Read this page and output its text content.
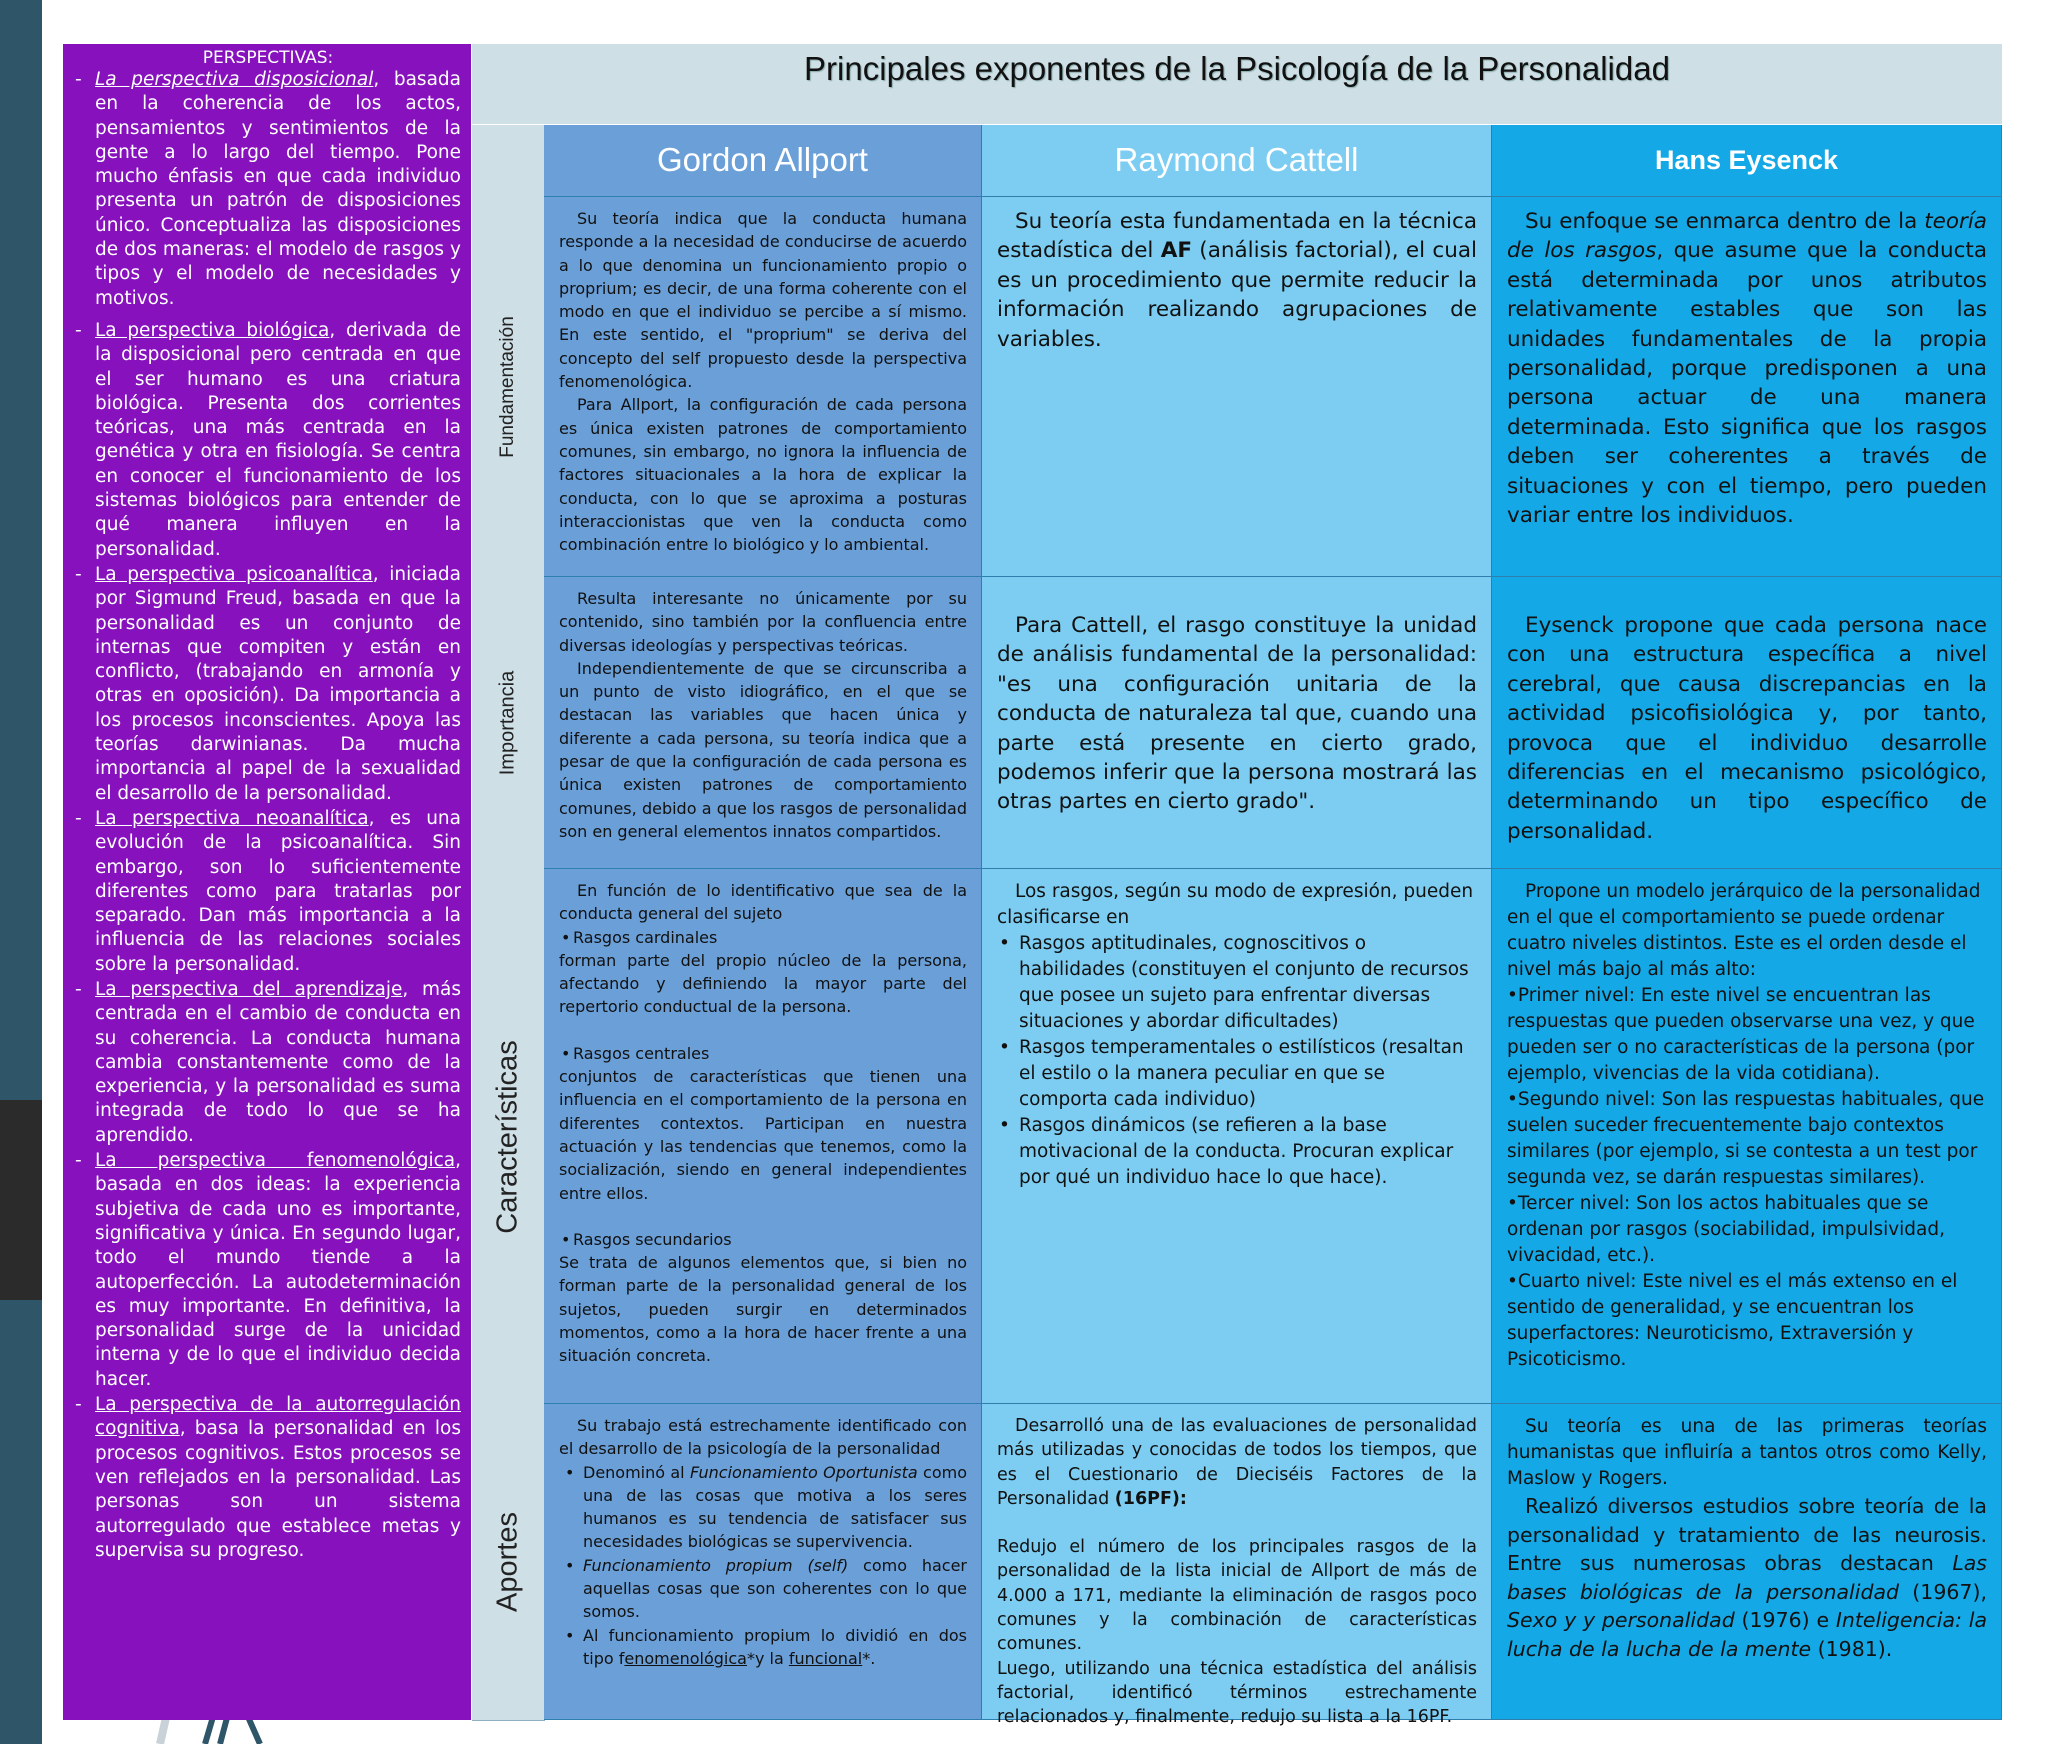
PERSPECTIVAS:
- La perspectiva disposicional, basada en la coherencia de los actos, pensamientos y sentimientos de la gente a lo largo del tiempo. Pone mucho énfasis en que cada individuo presenta un patrón de disposiciones único. Conceptualiza las disposiciones de dos maneras: el modelo de rasgos y tipos y el modelo de necesidades y motivos.
- La perspectiva biológica, derivada de la disposicional pero centrada en que el ser humano es una criatura biológica. Presenta dos corrientes teóricas, una más centrada en la genética y otra en fisiología. Se centra en conocer el funcionamiento de los sistemas biológicos para entender de qué manera influyen en la personalidad.
- La perspectiva psicoanalítica, iniciada por Sigmund Freud, basada en que la personalidad es un conjunto de internas que compiten y están en conflicto, (trabajando en armonía y otras en oposición). Da importancia a los procesos inconscientes. Apoya las teorías darwinianas. Da mucha importancia al papel de la sexualidad el desarrollo de la personalidad.
- La perspectiva neoanalítica, es una evolución de la psicoanalítica. Sin embargo, son lo suficientemente diferentes como para tratarlas por separado. Dan más importancia a la influencia de las relaciones sociales sobre la personalidad.
- La perspectiva del aprendizaje, más centrada en el cambio de conducta en su coherencia. La conducta humana cambia constantemente como de la experiencia, y la personalidad es suma integrada de todo lo que se ha aprendido.
- La perspectiva fenomenológica, basada en dos ideas: la experiencia subjetiva de cada uno es importante, significativa y única. En segundo lugar, todo el mundo tiende a la autoperfección. La autodeterminación es muy importante. En definitiva, la personalidad surge de la unicidad interna y de lo que el individuo decida hacer.
- La perspectiva de la autorregulación cognitiva, basa la personalidad en los procesos cognitivos. Estos procesos se ven reflejados en la personalidad. Las personas son un sistema autorregulado que establece metas y supervisa su progreso.
Principales exponentes de la Psicología de la Personalidad
Gordon Allport	Raymond Cattell	Hans Eysenck
Fundamentación
Su teoría indica que la conducta humana responde a la necesidad de conducirse de acuerdo a lo que denomina un funcionamiento propio o proprium; es decir, de una forma coherente con el modo en que el individuo se percibe a sí mismo. En este sentido, el "proprium" se deriva del concepto del self propuesto desde la perspectiva fenomenológica.
Para Allport, la configuración de cada persona es única existen patrones de comportamiento comunes, sin embargo, no ignora la influencia de factores situacionales a la hora de explicar la conducta, con lo que se aproxima a posturas interaccionistas que ven la conducta como combinación entre lo biológico y lo ambiental.
Su teoría esta fundamentada en la técnica estadística del AF (análisis factorial), el cual es un procedimiento que permite reducir la información realizando agrupaciones de variables.
Su enfoque se enmarca dentro de la teoría de los rasgos, que asume que la conducta está determinada por unos atributos relativamente estables que son las unidades fundamentales de la propia personalidad, porque predisponen a una persona actuar de una manera determinada. Esto significa que los rasgos deben ser coherentes a través de situaciones y con el tiempo, pero pueden variar entre los individuos.
Importancia
Resulta interesante no únicamente por su contenido, sino también por la confluencia entre diversas ideologías y perspectivas teóricas.
Independientemente de que se circunscriba a un punto de visto idiográfico, en el que se destacan las variables que hacen única y diferente a cada persona, su teoría indica que a pesar de que la configuración de cada persona es única existen patrones de comportamiento comunes, debido a que los rasgos de personalidad son en general elementos innatos compartidos.
Para Cattell, el rasgo constituye la unidad de análisis fundamental de la personalidad: "es una configuración unitaria de la conducta de naturaleza tal que, cuando una parte está presente en cierto grado, podemos inferir que la persona mostrará las otras partes en cierto grado".
Eysenck propone que cada persona nace con una estructura específica a nivel cerebral, que causa discrepancias en la actividad psicofisiológica y, por tanto, provoca que el individuo desarrolle diferencias en el mecanismo psicológico, determinando un tipo específico de personalidad.
Características
En función de lo identificativo que sea de la conducta general del sujeto
• Rasgos cardinales
forman parte del propio núcleo de la persona, afectando y definiendo la mayor parte del repertorio conductual de la persona.
• Rasgos centrales
conjuntos de características que tienen una influencia en el comportamiento de la persona en diferentes contextos. Participan en nuestra actuación y las tendencias que tenemos, como la socialización, siendo en general independientes entre ellos.
• Rasgos secundarios
Se trata de algunos elementos que, si bien no forman parte de la personalidad general de los sujetos, pueden surgir en determinados momentos, como a la hora de hacer frente a una situación concreta.
Los rasgos, según su modo de expresión, pueden clasificarse en
• Rasgos aptitudinales, cognoscitivos o habilidades (constituyen el conjunto de recursos que posee un sujeto para enfrentar diversas situaciones y abordar dificultades)
• Rasgos temperamentales o estilísticos (resaltan el estilo o la manera peculiar en que se comporta cada individuo)
• Rasgos dinámicos (se refieren a la base motivacional de la conducta. Procuran explicar por qué un individuo hace lo que hace).
Propone un modelo jerárquico de la personalidad en el que el comportamiento se puede ordenar cuatro niveles distintos. Este es el orden desde el nivel más bajo al más alto:
•Primer nivel: En este nivel se encuentran las respuestas que pueden observarse una vez, y que pueden ser o no características de la persona (por ejemplo, vivencias de la vida cotidiana).
•Segundo nivel: Son las respuestas habituales, que suelen suceder frecuentemente bajo contextos similares (por ejemplo, si se contesta a un test por segunda vez, se darán respuestas similares).
•Tercer nivel: Son los actos habituales que se ordenan por rasgos (sociabilidad, impulsividad, vivacidad, etc.).
•Cuarto nivel: Este nivel es el más extenso en el sentido de generalidad, y se encuentran los superfactores: Neuroticismo, Extraversión y Psicoticismo.
Aportes
Su trabajo está estrechamente identificado con el desarrollo de la psicología de la personalidad
• Denominó al Funcionamiento Oportunista como una de las cosas que motiva a los seres humanos es su tendencia de satisfacer sus necesidades biológicas se supervivencia.
• Funcionamiento propium (self) como hacer aquellas cosas que son coherentes con lo que somos.
• Al funcionamiento propium lo dividió en dos tipo fenomenológica*y la funcional*.
Desarrolló una de las evaluaciones de personalidad más utilizadas y conocidas de todos los tiempos, que es el Cuestionario de Dieciséis Factores de la Personalidad (16PF):
Redujo el número de los principales rasgos de la personalidad de la lista inicial de Allport de más de 4.000 a 171, mediante la eliminación de rasgos poco comunes y la combinación de características comunes.
Luego, utilizando una técnica estadística del análisis factorial, identificó términos estrechamente relacionados y, finalmente, redujo su lista a la 16PF.
Su teoría es una de las primeras teorías humanistas que influiría a tantos otros como Kelly, Maslow y Rogers.
Realizó diversos estudios sobre teoría de la personalidad y tratamiento de las neurosis. Entre sus numerosas obras destacan Las bases biológicas de la personalidad (1967), Sexo y y personalidad (1976) e Inteligencia: la lucha de la lucha de la mente (1981).
